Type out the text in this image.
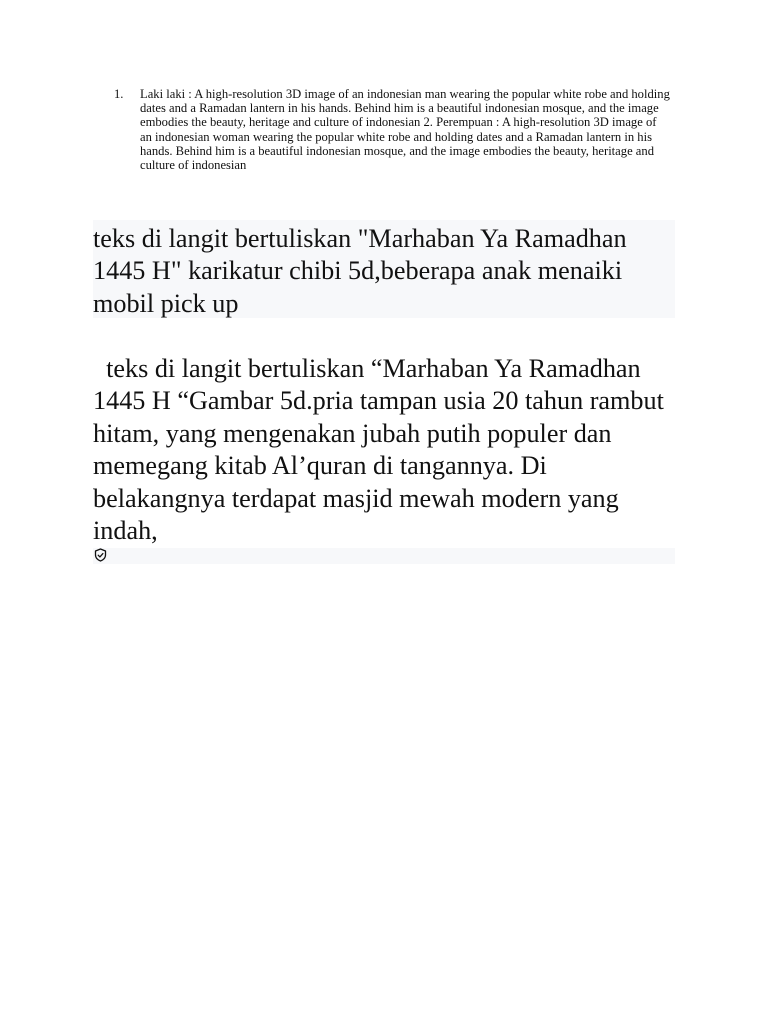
1. Laki laki : A high-resolution 3D image of an indonesian man wearing the popular white robe and holding dates and a Ramadan lantern in his hands. Behind him is a beautiful indonesian mosque, and the image embodies the beauty, heritage and culture of indonesian 2. Perempuan : A high-resolution 3D image of an indonesian woman wearing the popular white robe and holding dates and a Ramadan lantern in his hands. Behind him is a beautiful indonesian mosque, and the image embodies the beauty, heritage and culture of indonesian
teks di langit bertuliskan "Marhaban Ya Ramadhan 1445 H" karikatur chibi 5d,beberapa anak menaiki mobil pick up
teks di langit bertuliskan “Marhaban Ya Ramadhan 1445 H “Gambar 5d.pria tampan usia 20 tahun rambut hitam, yang mengenakan jubah putih populer dan memegang kitab Al’quran di tangannya. Di belakangnya terdapat masjid mewah modern yang indah,
